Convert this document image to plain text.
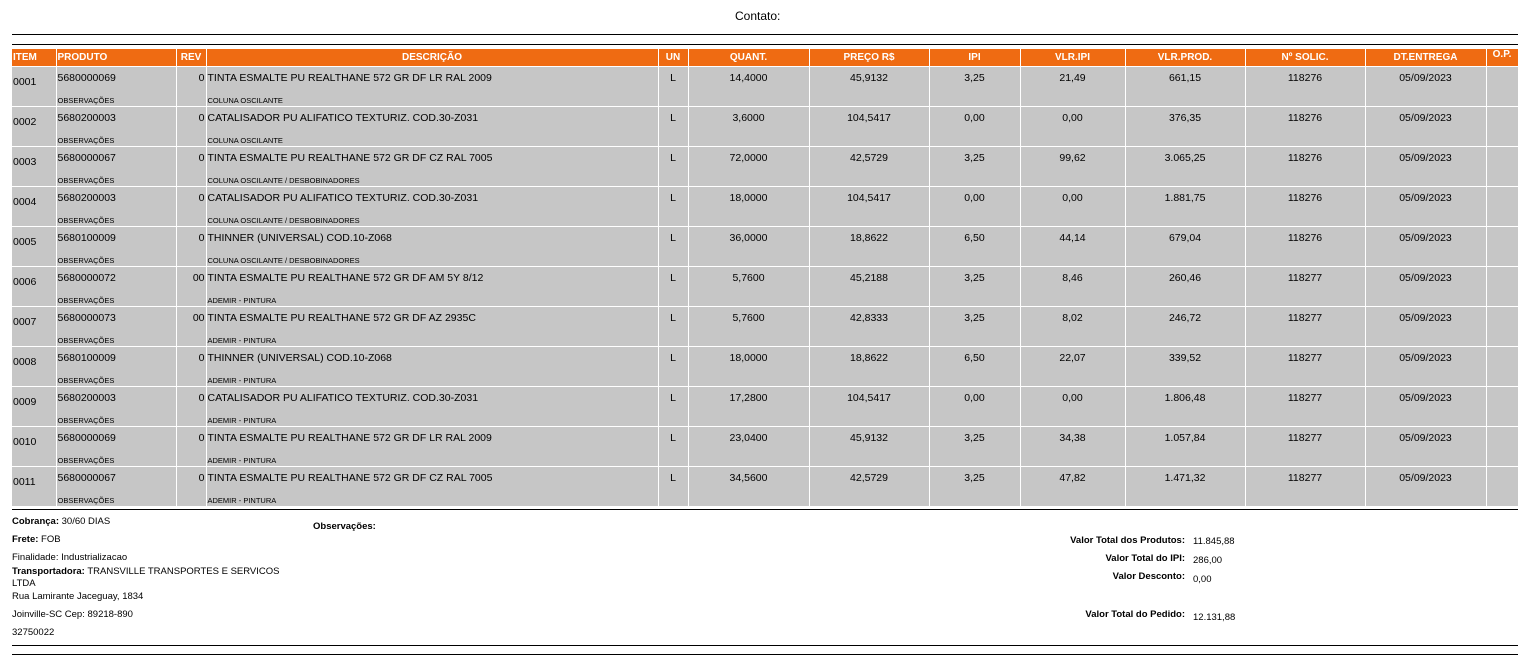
Contato:
ITEM	PRODUTO	REV	DESCRIÇÃO	UN	QUANT.	PREÇO R$	IPI	VLR.IPI	VLR.PROD.	Nº SOLIC.	DT.ENTREGA	O.P.
0001	5680000069	0	TINTA ESMALTE PU REALTHANE 572 GR DF LR RAL 2009	L	14,4000	45,9132	3,25	21,49	661,15	118276	05/09/2023	
	OBSERVAÇÕES		COLUNA OSCILANTE									
0002	5680200003	0	CATALISADOR PU ALIFATICO TEXTURIZ. COD.30-Z031	L	3,6000	104,5417	0,00	0,00	376,35	118276	05/09/2023	
	OBSERVAÇÕES		COLUNA OSCILANTE									
0003	5680000067	0	TINTA ESMALTE PU REALTHANE 572 GR DF CZ RAL 7005	L	72,0000	42,5729	3,25	99,62	3.065,25	118276	05/09/2023	
	OBSERVAÇÕES		COLUNA OSCILANTE / DESBOBINADORES									
0004	5680200003	0	CATALISADOR PU ALIFATICO TEXTURIZ. COD.30-Z031	L	18,0000	104,5417	0,00	0,00	1.881,75	118276	05/09/2023	
	OBSERVAÇÕES		COLUNA OSCILANTE / DESBOBINADORES									
0005	5680100009	0	THINNER (UNIVERSAL) COD.10-Z068	L	36,0000	18,8622	6,50	44,14	679,04	118276	05/09/2023	
	OBSERVAÇÕES		COLUNA OSCILANTE / DESBOBINADORES									
0006	5680000072	00	TINTA ESMALTE PU REALTHANE 572 GR DF AM 5Y 8/12	L	5,7600	45,2188	3,25	8,46	260,46	118277	05/09/2023	
	OBSERVAÇÕES		ADEMIR - PINTURA									
0007	5680000073	00	TINTA ESMALTE PU REALTHANE 572 GR DF AZ 2935C	L	5,7600	42,8333	3,25	8,02	246,72	118277	05/09/2023	
	OBSERVAÇÕES		ADEMIR - PINTURA									
0008	5680100009	0	THINNER (UNIVERSAL) COD.10-Z068	L	18,0000	18,8622	6,50	22,07	339,52	118277	05/09/2023	
	OBSERVAÇÕES		ADEMIR - PINTURA									
0009	5680200003	0	CATALISADOR PU ALIFATICO TEXTURIZ. COD.30-Z031	L	17,2800	104,5417	0,00	0,00	1.806,48	118277	05/09/2023	
	OBSERVAÇÕES		ADEMIR - PINTURA									
0010	5680000069	0	TINTA ESMALTE PU REALTHANE 572 GR DF LR RAL 2009	L	23,0400	45,9132	3,25	34,38	1.057,84	118277	05/09/2023	
	OBSERVAÇÕES		ADEMIR - PINTURA									
0011	5680000067	0	TINTA ESMALTE PU REALTHANE 572 GR DF CZ RAL 7005	L	34,5600	42,5729	3,25	47,82	1.471,32	118277	05/09/2023	
	OBSERVAÇÕES		ADEMIR - PINTURA									
Cobrança: 30/60 DIAS
Frete: FOB
Finalidade: Industrializacao
Transportadora: TRANSVILLE TRANSPORTES E SERVICOS
LTDA
Rua Lamirante Jaceguay, 1834
Joinville-SC Cep: 89218-890
32750022
Observações:
Valor Total dos Produtos: 11.845,88
Valor Total do IPI: 286,00
Valor Desconto: 0,00
Valor Total do Pedido: 12.131,88
